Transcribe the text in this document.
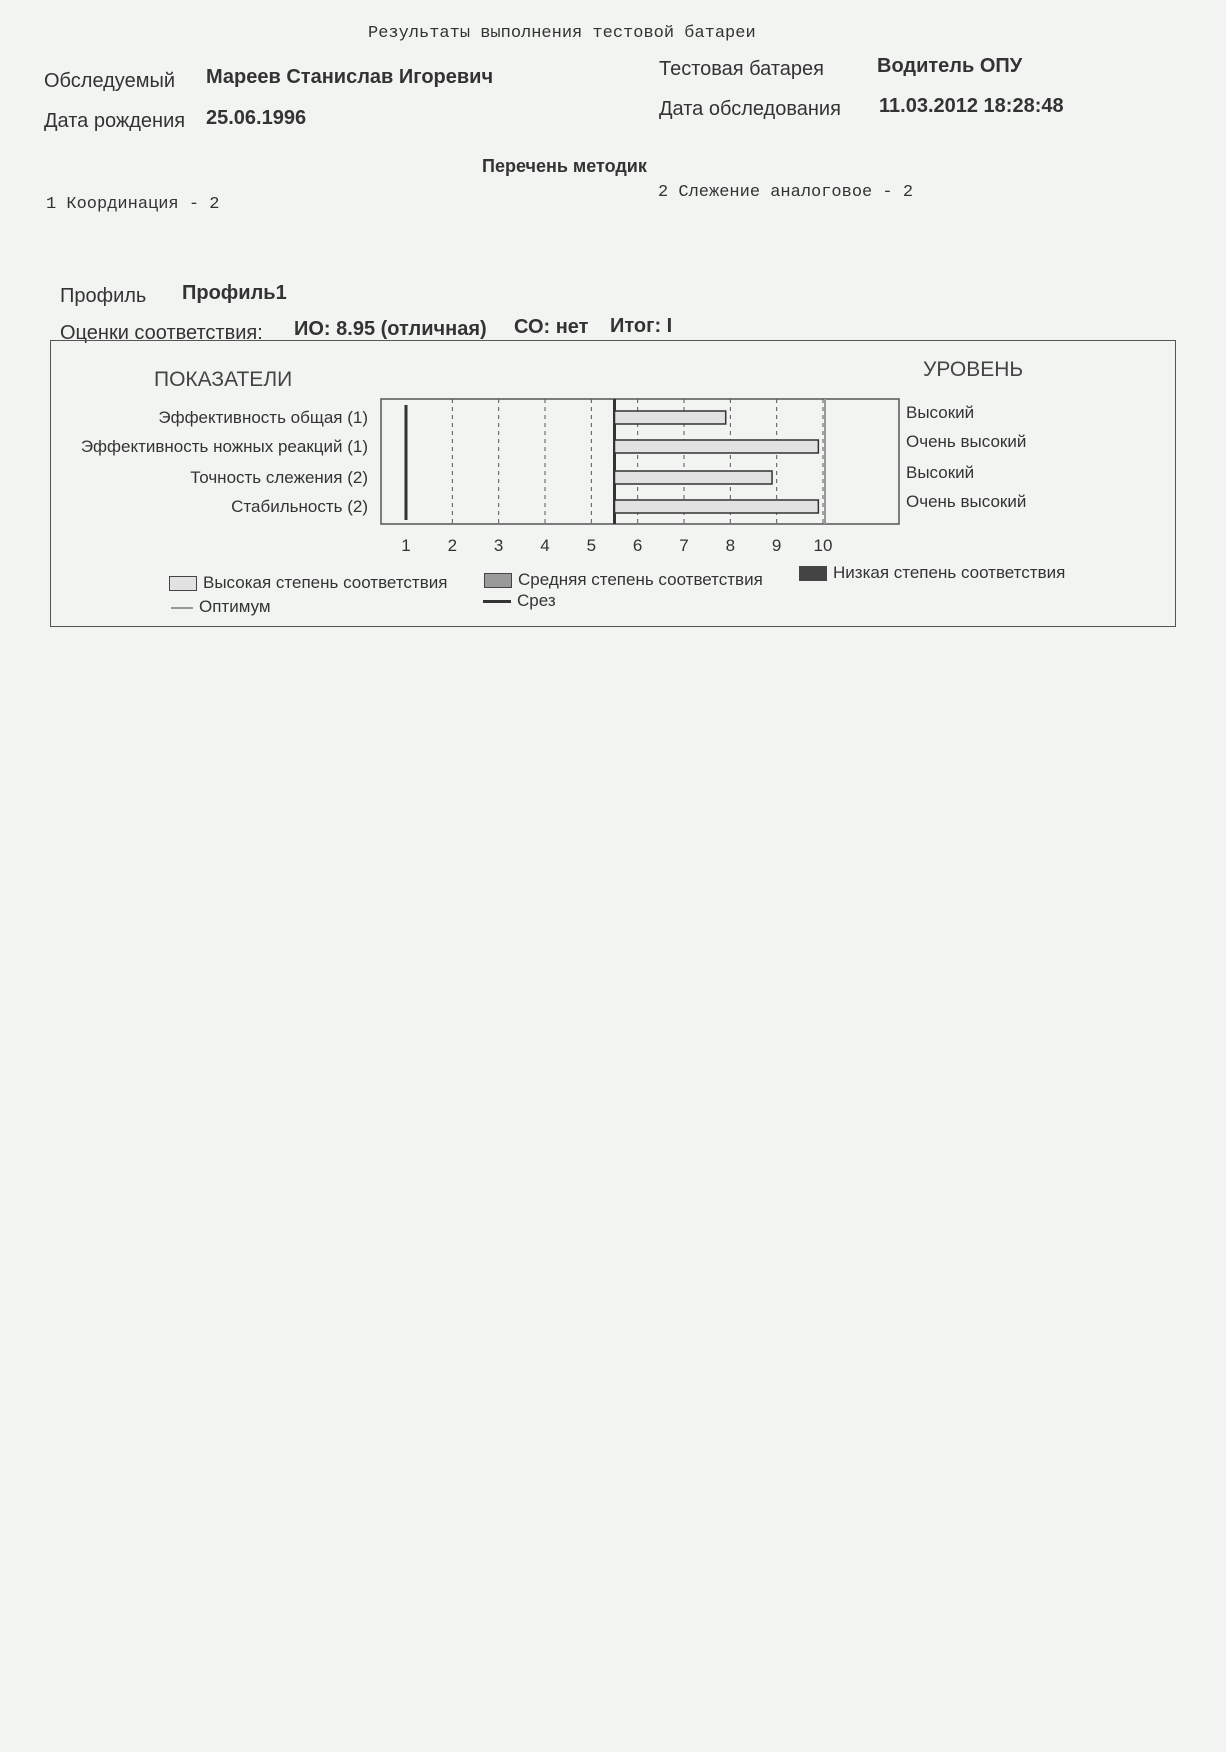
Результаты выполнения тестовой батареи
Обследуемый Мареев Станислав Игоревич
Дата рождения 25.06.1996
Тестовая батарея	Водитель ОПУ
Дата обследования 11.03.2012 18:28:48
Перечень методик
1 Координация - 2
2 Слежение аналоговое - 2
Профиль Профиль1
Оценки соответствия: ИО: 8.95 (отличная) СО: нет Итог: I
ПОКАЗАТЕЛИ	УРОВЕНЬ
1 2 3 4 5 6 7 8 9 10
Эффективность общая (1)	Высокий
Эффективность ножных реакций (1)	Очень высокий
Точность слежения (2)	Высокий
Стабильность (2)	Очень высокий
Высокая степень соответствия	Средняя степень соответствия	Низкая степень соответствия
Оптимум	Срез
